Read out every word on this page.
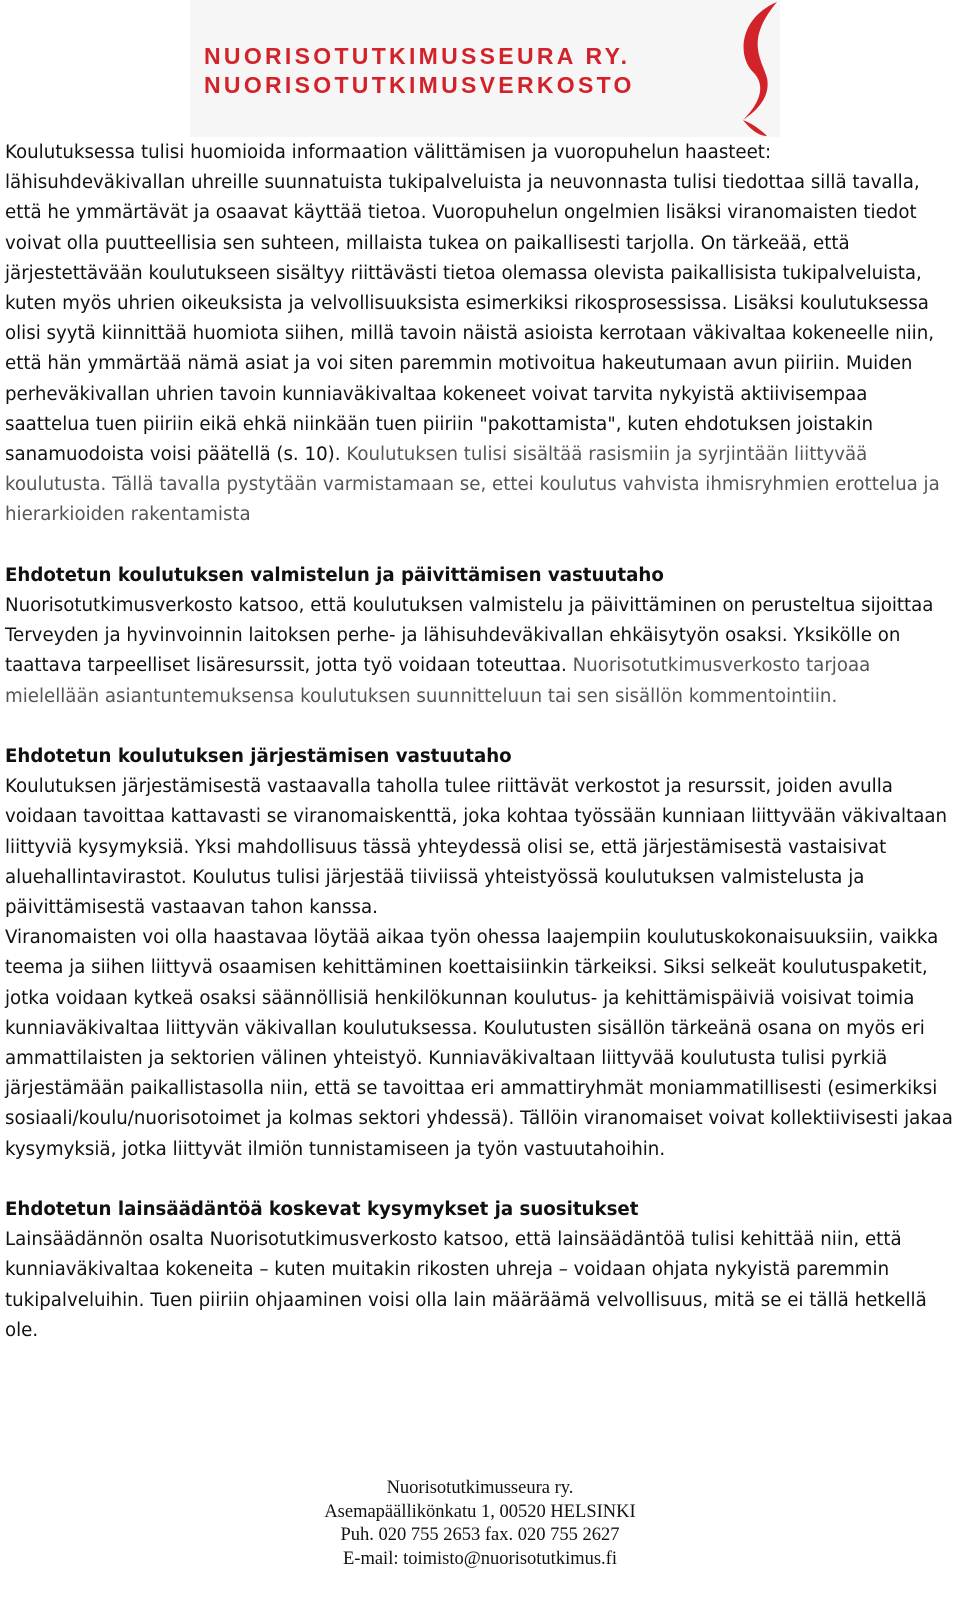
NUORISOTUTKIMUSSEURA RY.
NUORISOTUTKIMUSVERKOSTO

Koulutuksessa tulisi huomioida informaation välittämisen ja vuoropuhelun haasteet: lähisuhdeväkivallan uhreille suunnatuista tukipalveluista ja neuvonnasta tulisi tiedottaa sillä tavalla, että he ymmärtävät ja osaavat käyttää tietoa. Vuoropuhelun ongelmien lisäksi viranomaisten tiedot voivat olla puutteellisia sen suhteen, millaista tukea on paikallisesti tarjolla. On tärkeää, että järjestettävään koulutukseen sisältyy riittävästi tietoa olemassa olevista paikallisista tukipalveluista, kuten myös uhrien oikeuksista ja velvollisuuksista esimerkiksi rikosprosessissa. Lisäksi koulutuksessa olisi syytä kiinnittää huomiota siihen, millä tavoin näistä asioista kerrotaan väkivaltaa kokeneelle niin, että hän ymmärtää nämä asiat ja voi siten paremmin motivoitua hakeutumaan avun piiriin. Muiden perheväkivallan uhrien tavoin kunniaväkivaltaa kokeneet voivat tarvita nykyistä aktiivisempaa saattelua tuen piiriin eikä ehkä niinkään tuen piiriin "pakottamista", kuten ehdotuksen joistakin sanamuodoista voisi päätellä (s. 10). Koulutuksen tulisi sisältää rasismiin ja syrjintään liittyvää koulutusta. Tällä tavalla pystytään varmistamaan se, ettei koulutus vahvista ihmisryhmien erottelua ja hierarkioiden rakentamista

Ehdotetun koulutuksen valmistelun ja päivittämisen vastuutaho

Nuorisotutkimusverkosto katsoo, että koulutuksen valmistelu ja päivittäminen on perusteltua sijoittaa Terveyden ja hyvinvoinnin laitoksen perhe- ja lähisuhdeväkivallan ehkäisytyön osaksi. Yksikölle on taattava tarpeelliset lisäresurssit, jotta työ voidaan toteuttaa. Nuorisotutkimusverkosto tarjoaa mielellään asiantuntemuksensa koulutuksen suunnitteluun tai sen sisällön kommentointiin.

Ehdotetun koulutuksen järjestämisen vastuutaho

Koulutuksen järjestämisestä vastaavalla taholla tulee riittävät verkostot ja resurssit, joiden avulla voidaan tavoittaa kattavasti se viranomaiskenttä, joka kohtaa työssään kunniaan liittyvään väkivaltaan liittyviä kysymyksiä. Yksi mahdollisuus tässä yhteydessä olisi se, että järjestämisestä vastaisivat aluehallintavirastot. Koulutus tulisi järjestää tiiviissä yhteistyössä koulutuksen valmistelusta ja päivittämisestä vastaavan tahon kanssa.

Viranomaisten voi olla haastavaa löytää aikaa työn ohessa laajempiin koulutuskokonaisuuksiin, vaikka teema ja siihen liittyvä osaamisen kehittäminen koettaisiinkin tärkeiksi. Siksi selkeät koulutuspaketit, jotka voidaan kytkeä osaksi säännöllisiä henkilökunnan koulutus- ja kehittämispäiviä voisivat toimia kunniaväkivaltaa liittyvän väkivallan koulutuksessa. Koulutusten sisällön tärkeänä osana on myös eri ammattilaisten ja sektorien välinen yhteistyö. Kunniaväkivaltaan liittyvää koulutusta tulisi pyrkiä järjestämään paikallistasolla niin, että se tavoittaa eri ammattiryhmät moniammatillisesti (esimerkiksi sosiaali/koulu/nuorisotoimet ja kolmas sektori yhdessä). Tällöin viranomaiset voivat kollektiivisesti jakaa kysymyksiä, jotka liittyvät ilmiön tunnistamiseen ja työn vastuutahoihin.

Ehdotetun lainsäädäntöä koskevat kysymykset ja suositukset

Lainsäädännön osalta Nuorisotutkimusverkosto katsoo, että lainsäädäntöä tulisi kehittää niin, että kunniaväkivaltaa kokeneita – kuten muitakin rikosten uhreja – voidaan ohjata nykyistä paremmin tukipalveluihin. Tuen piiriin ohjaaminen voisi olla lain määräämä velvollisuus, mitä se ei tällä hetkellä ole.

Nuorisotutkimusseura ry.
Asemapäällikönkatu 1, 00520 HELSINKI
Puh. 020 755 2653 fax. 020 755 2627
E-mail: toimisto@nuorisotutkimus.fi
